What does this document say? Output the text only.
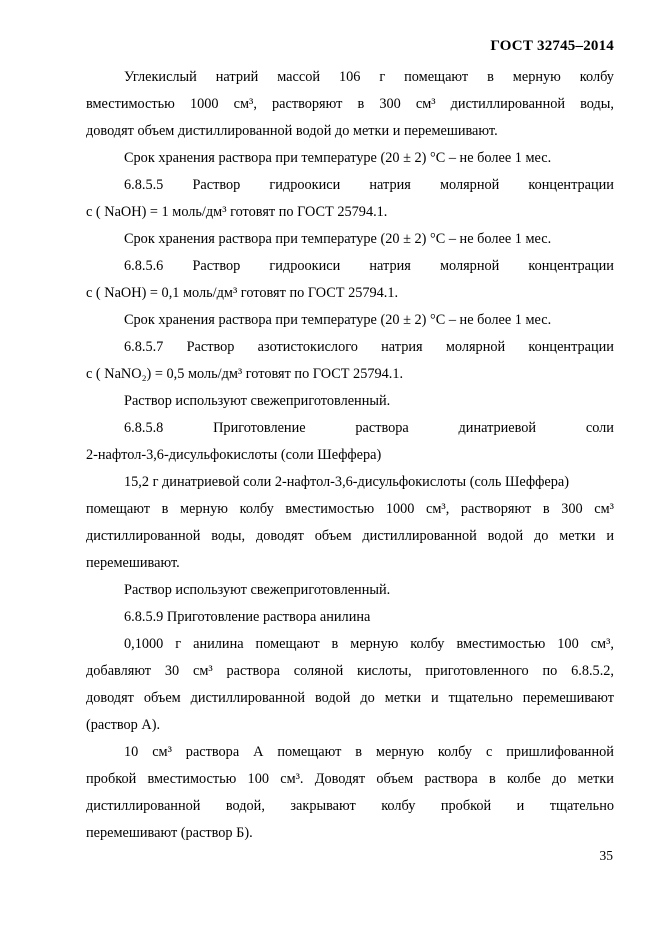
ГОСТ 32745–2014
Углекислый натрий массой 106 г помещают в мерную колбу
вместимостью 1000 см³, растворяют в 300 см³ дистиллированной воды,
доводят объем дистиллированной водой до метки и перемешивают.
Срок хранения раствора при температуре (20 ± 2) °С – не более 1 мес.
6.8.5.5 Раствор гидроокиси натрия молярной концентрации
c ( NaOH) = 1 моль/дм³ готовят по ГОСТ 25794.1.
Срок хранения раствора при температуре (20 ± 2) °С – не более 1 мес.
6.8.5.6 Раствор гидроокиси натрия молярной концентрации
c ( NaOH) = 0,1 моль/дм³ готовят по ГОСТ 25794.1.
Срок хранения раствора при температуре (20 ± 2) °С – не более 1 мес.
6.8.5.7 Раствор азотистокислого натрия молярной концентрации
c ( NaNO₂) = 0,5 моль/дм³ готовят по ГОСТ 25794.1.
Раствор используют свежеприготовленный.
6.8.5.8	Приготовление	раствора	динатриевой	соли
2-нафтол-3,6-дисульфокислоты (соли Шеффера)
15,2 г динатриевой соли 2-нафтол-3,6-дисульфокислоты (соль Шеффера)
помещают в мерную колбу вместимостью 1000 см³, растворяют в 300 см³
дистиллированной воды, доводят объем дистиллированной водой до метки и
перемешивают.
Раствор используют свежеприготовленный.
6.8.5.9 Приготовление раствора анилина
0,1000 г анилина помещают в мерную колбу вместимостью 100 см³,
добавляют 30 см³ раствора соляной кислоты, приготовленного по 6.8.5.2,
доводят объем дистиллированной водой до метки и тщательно перемешивают
(раствор А).
10 см³ раствора А помещают в мерную колбу с пришлифованной
пробкой вместимостью 100 см³. Доводят объем раствора в колбе до метки
дистиллированной водой, закрывают колбу пробкой и тщательно
перемешивают (раствор Б).
35
